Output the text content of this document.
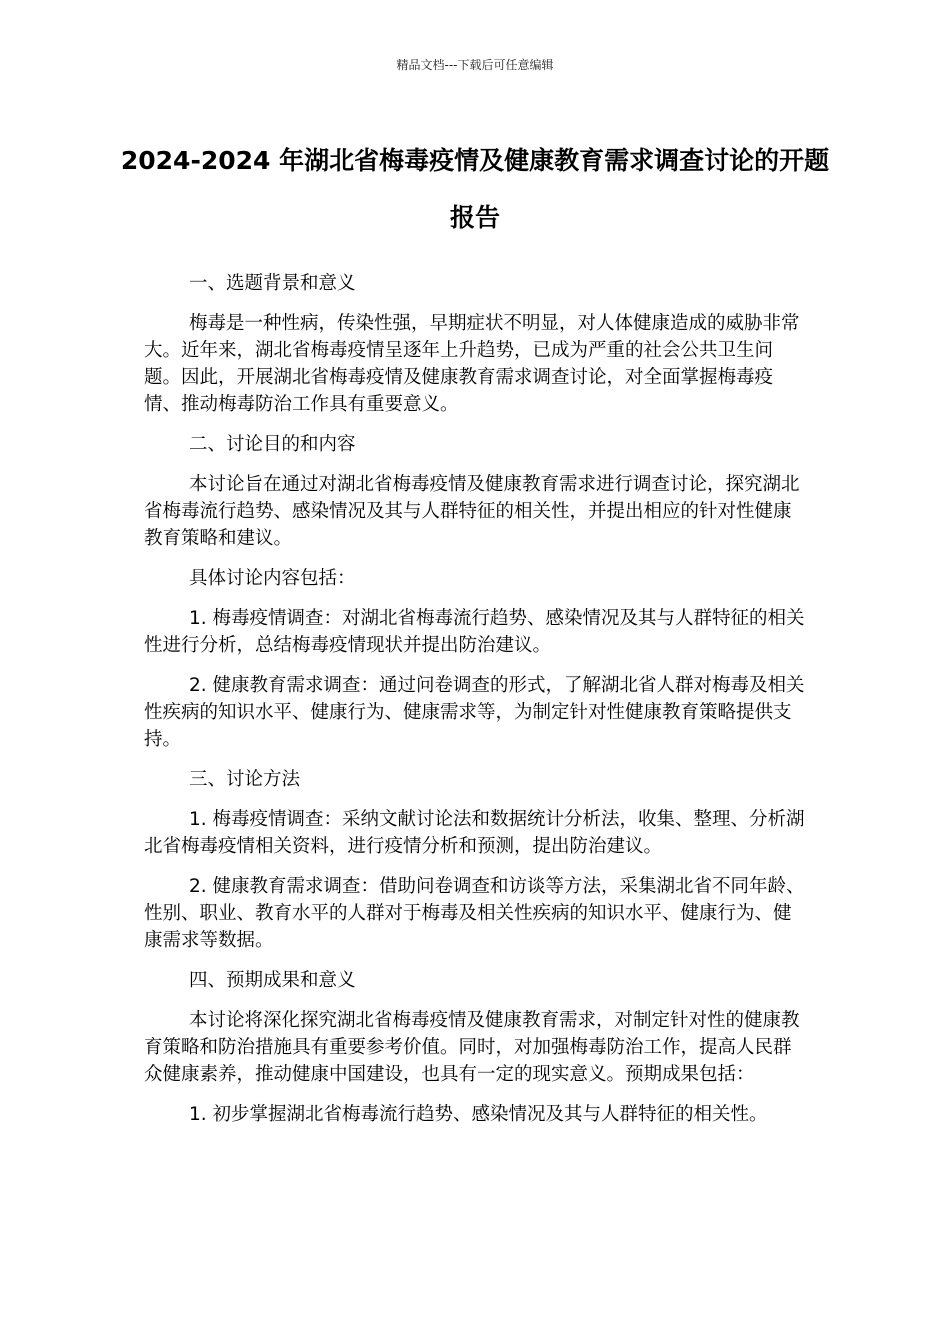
精品文档---下载后可任意编辑
2024-2024 年湖北省梅毒疫情及健康教育需求调查讨论的开题报告

一、选题背景和意义

梅毒是一种性病，传染性强，早期症状不明显，对人体健康造成的威胁非常大。近年来，湖北省梅毒疫情呈逐年上升趋势，已成为严重的社会公共卫生问题。因此，开展湖北省梅毒疫情及健康教育需求调查讨论，对全面掌握梅毒疫情、推动梅毒防治工作具有重要意义。

二、讨论目的和内容

本讨论旨在通过对湖北省梅毒疫情及健康教育需求进行调查讨论，探究湖北省梅毒流行趋势、感染情况及其与人群特征的相关性，并提出相应的针对性健康教育策略和建议。

具体讨论内容包括：

1. 梅毒疫情调查：对湖北省梅毒流行趋势、感染情况及其与人群特征的相关性进行分析，总结梅毒疫情现状并提出防治建议。

2. 健康教育需求调查：通过问卷调查的形式，了解湖北省人群对梅毒及相关性疾病的知识水平、健康行为、健康需求等，为制定针对性健康教育策略提供支持。

三、讨论方法

1. 梅毒疫情调查：采纳文献讨论法和数据统计分析法，收集、整理、分析湖北省梅毒疫情相关资料，进行疫情分析和预测，提出防治建议。

2. 健康教育需求调查：借助问卷调查和访谈等方法，采集湖北省不同年龄、性别、职业、教育水平的人群对于梅毒及相关性疾病的知识水平、健康行为、健康需求等数据。

四、预期成果和意义

本讨论将深化探究湖北省梅毒疫情及健康教育需求，对制定针对性的健康教育策略和防治措施具有重要参考价值。同时，对加强梅毒防治工作，提高人民群众健康素养，推动健康中国建设，也具有一定的现实意义。预期成果包括：

1. 初步掌握湖北省梅毒流行趋势、感染情况及其与人群特征的相关性。
